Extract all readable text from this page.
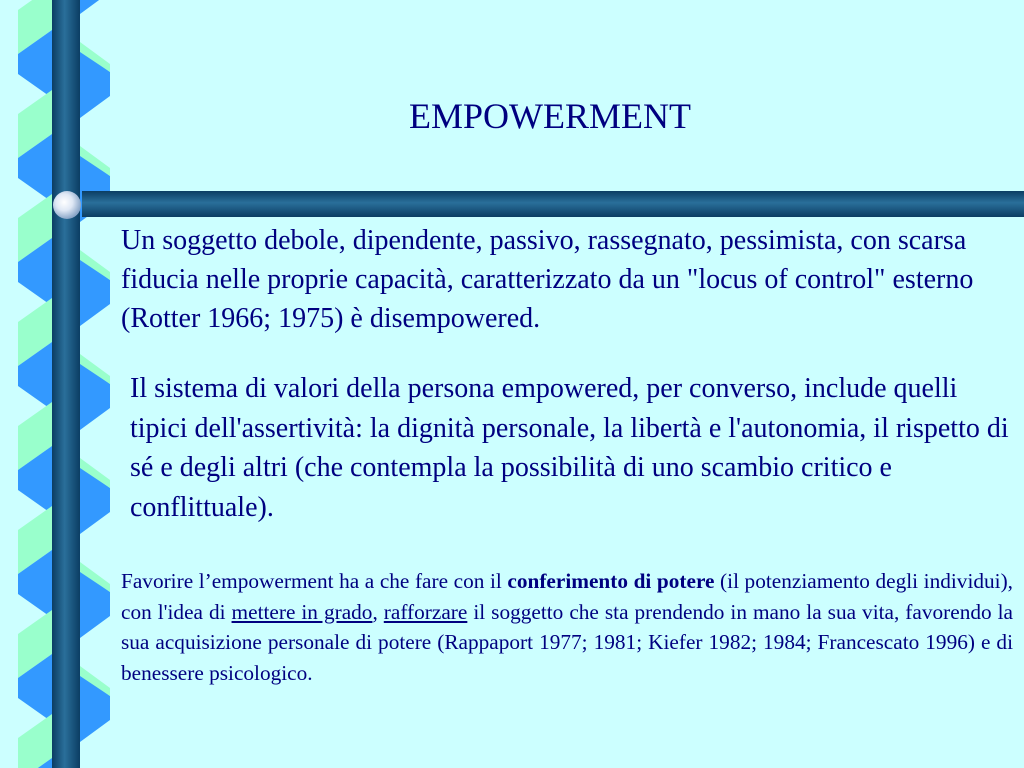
EMPOWERMENT

Un soggetto debole, dipendente, passivo, rassegnato, pessimista, con scarsa fiducia nelle proprie capacità, caratterizzato da un "locus of control" esterno (Rotter 1966; 1975) è disempowered.

Il sistema di valori della persona empowered, per converso, include quelli tipici dell'assertività: la dignità personale, la libertà e l'autonomia, il rispetto di sé e degli altri (che contempla la possibilità di uno scambio critico e conflittuale).

Favorire l’empowerment ha a che fare con il conferimento di potere (il potenziamento degli individui), con l'idea di mettere in grado, rafforzare il soggetto che sta prendendo in mano la sua vita, favorendo la sua acquisizione personale di potere (Rappaport 1977; 1981; Kiefer 1982; 1984; Francescato 1996) e di benessere psicologico.
